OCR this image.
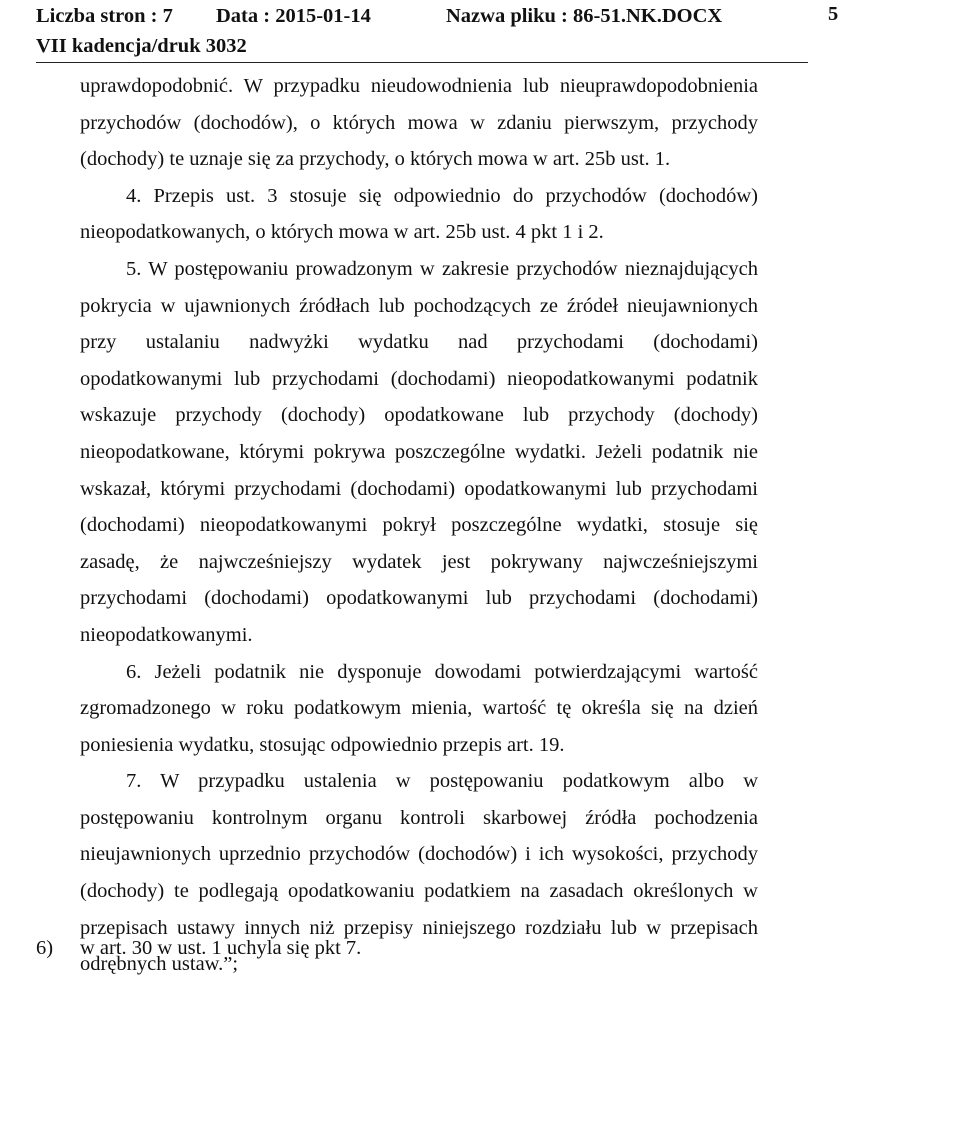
Liczba stron : 7 Data : 2015-01-14	Nazwa pliku : 86-51.NK.DOCX	5
VII kadencja/druk 3032

uprawdopodobnić. W przypadku nieudowodnienia lub nieuprawdopodobnienia przychodów (dochodów), o których mowa w zdaniu pierwszym, przychody (dochody) te uznaje się za przychody, o których mowa w art. 25b ust. 1.

4. Przepis ust. 3 stosuje się odpowiednio do przychodów (dochodów) nieopodatkowanych, o których mowa w art. 25b ust. 4 pkt 1 i 2.

5. W postępowaniu prowadzonym w zakresie przychodów nieznajdujących pokrycia w ujawnionych źródłach lub pochodzących ze źródeł nieujawnionych przy ustalaniu nadwyżki wydatku nad przychodami (dochodami) opodatkowanymi lub przychodami (dochodami) nieopodatkowanymi podatnik wskazuje przychody (dochody) opodatkowane lub przychody (dochody) nieopodatkowane, którymi pokrywa poszczególne wydatki. Jeżeli podatnik nie wskazał, którymi przychodami (dochodami) opodatkowanymi lub przychodami (dochodami) nieopodatkowanymi pokrył poszczególne wydatki, stosuje się zasadę, że najwcześniejszy wydatek jest pokrywany najwcześniejszymi przychodami (dochodami) opodatkowanymi lub przychodami (dochodami) nieopodatkowanymi.

6. Jeżeli podatnik nie dysponuje dowodami potwierdzającymi wartość zgromadzonego w roku podatkowym mienia, wartość tę określa się na dzień poniesienia wydatku, stosując odpowiednio przepis art. 19.

7. W przypadku ustalenia w postępowaniu podatkowym albo w postępowaniu kontrolnym organu kontroli skarbowej źródła pochodzenia nieujawnionych uprzednio przychodów (dochodów) i ich wysokości, przychody (dochody) te podlegają opodatkowaniu podatkiem na zasadach określonych w przepisach ustawy innych niż przepisy niniejszego rozdziału lub w przepisach odrębnych ustaw.”;

6) w art. 30 w ust. 1 uchyla się pkt 7.
